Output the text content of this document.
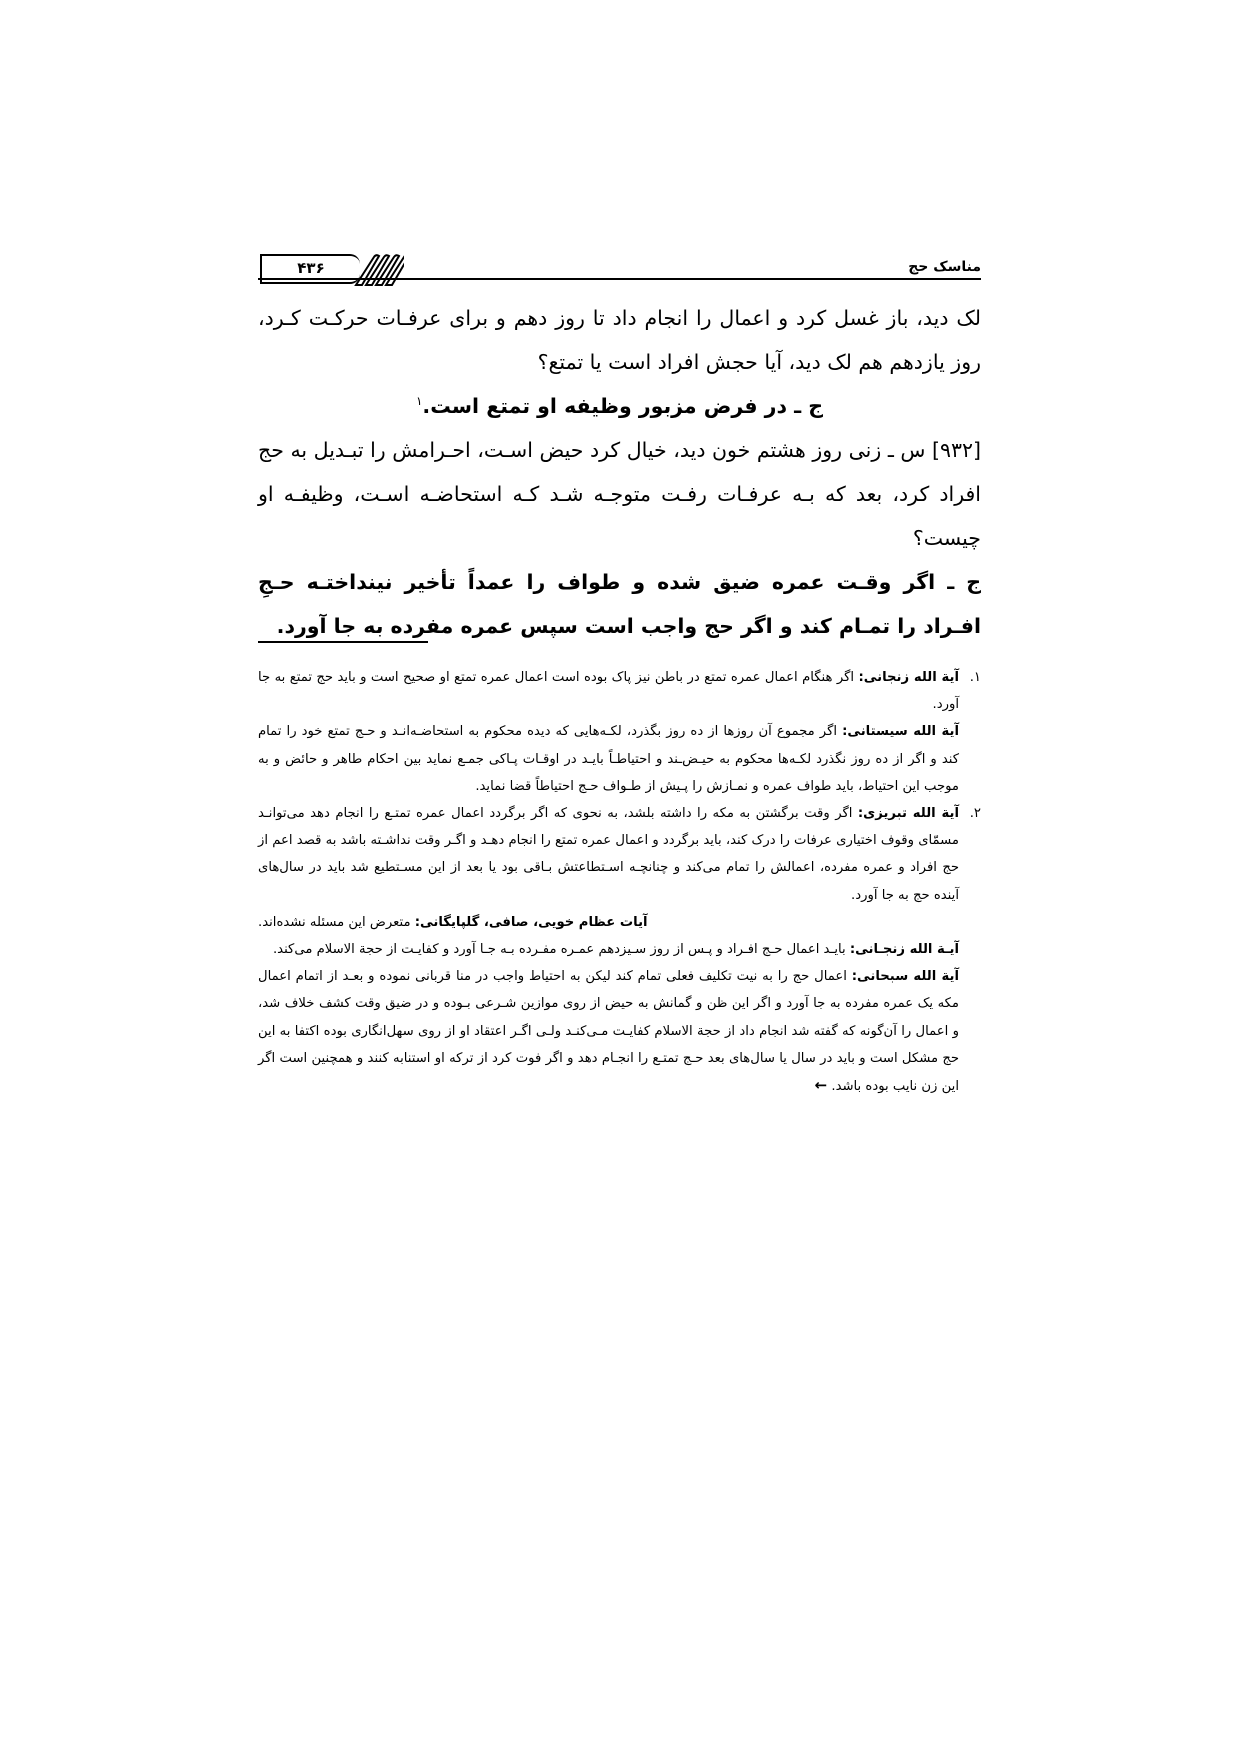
مناسک حج
۴۳۶

لک دید، باز غسل کرد و اعمال را انجام داد تا روز دهم و برای عرفـات حرکـت کـرد، روز یازدهم هم لک دید، آیا حجش افراد است یا تمتع؟

ج ـ در فرض مزبور وظیفه او تمتع است.$^۱$

[۹۳۲] س ـ زنی روز هشتم خون دید، خیال کرد حیض اسـت، احـرامش را تبـدیل به حج افراد کرد، بعد که بـه عرفـات رفـت متوجـه شـد کـه استحاضـه اسـت، وظیفـه او چیست؟

ج ـ اگر وقـت عمره ضیق شده و طواف را عمداً تأخیر نینداختـه حـجِ افـراد را تمـام کند و اگر حج واجب است سپس عمره مفرده به جا آورد.

۱.
آیة الله زنجانی: اگر هنگام اعمال عمره تمتع در باطن نیز پاک بوده است اعمال عمره تمتع او صحیح است و باید حج تمتع به جا آورد.
آیة الله سیستانی: اگر مجموع آن روزها از ده روز بگذرد، لکـه‌هایی که دیده محکوم به استحاضـه‌انـد و حـج تمتع خود را تمام کند و اگر از ده روز نگذرد لکـه‌ها محکوم به حیـض‌ـند و احتیاطـاً بایـد در اوقـات پـاکی جمـع نماید بین احکام طاهر و حائض و به موجب این احتیاط، باید طواف عمره و نمـازش را پـیش از طـواف حـج احتیاطاً قضا نماید.
۲.
آیة الله تبریزی: اگر وقت برگشتن به مکه را داشته بلشد، به نحوی که اگر برگردد اعمال عمره تمتـع را انجام دهد می‌توانـد مسمّای وقوف اختیاری عرفات را درک کند، باید برگردد و اعمال عمره تمتع را انجام دهـد و اگـر وقت نداشـته باشد به قصد اعم از حج افراد و عمره مفرده، اعمالش را تمام می‌کند و چنانچـه اسـتطاعتش بـاقی بود یا بعد از این مسـتطیع شد باید در سال‌های آینده حج به جا آورد.
آیات عظام خویی، صافی، گلپایگانی: متعرض این مسئله نشده‌اند.
آیـة الله زنجـانی: بایـد اعمال حـج افـراد و پـس از روز سـیزدهم عمـره مفـرده بـه جـا آورد و کفایـت از حجة الاسلام می‌کند.
آیة الله سبحانی: اعمال حج را به نیت تکلیف فعلی تمام کند لیکن به احتیاط واجب در منا قربانی نموده و بعـد از اتمام اعمال مکه یک عمره مفرده به جا آورد و اگر این ظن و گمانش به حیض از روی موازین شـرعی بـوده و در ضیق وقت کشف خلاف شد، و اعمال را آن‌گونه که گفته شد انجام داد از حجة الاسلام کفایـت مـی‌کنـد ولـی اگـر اعتقاد او از روی سهل‌انگاری بوده اکتفا به این حج مشکل است و باید در سال یا سال‌های بعد حـج تمتـع را انجـام دهد و اگر فوت کرد از ترکه او استنابه کنند و همچنین است اگر این زن نایب بوده باشد. ←
